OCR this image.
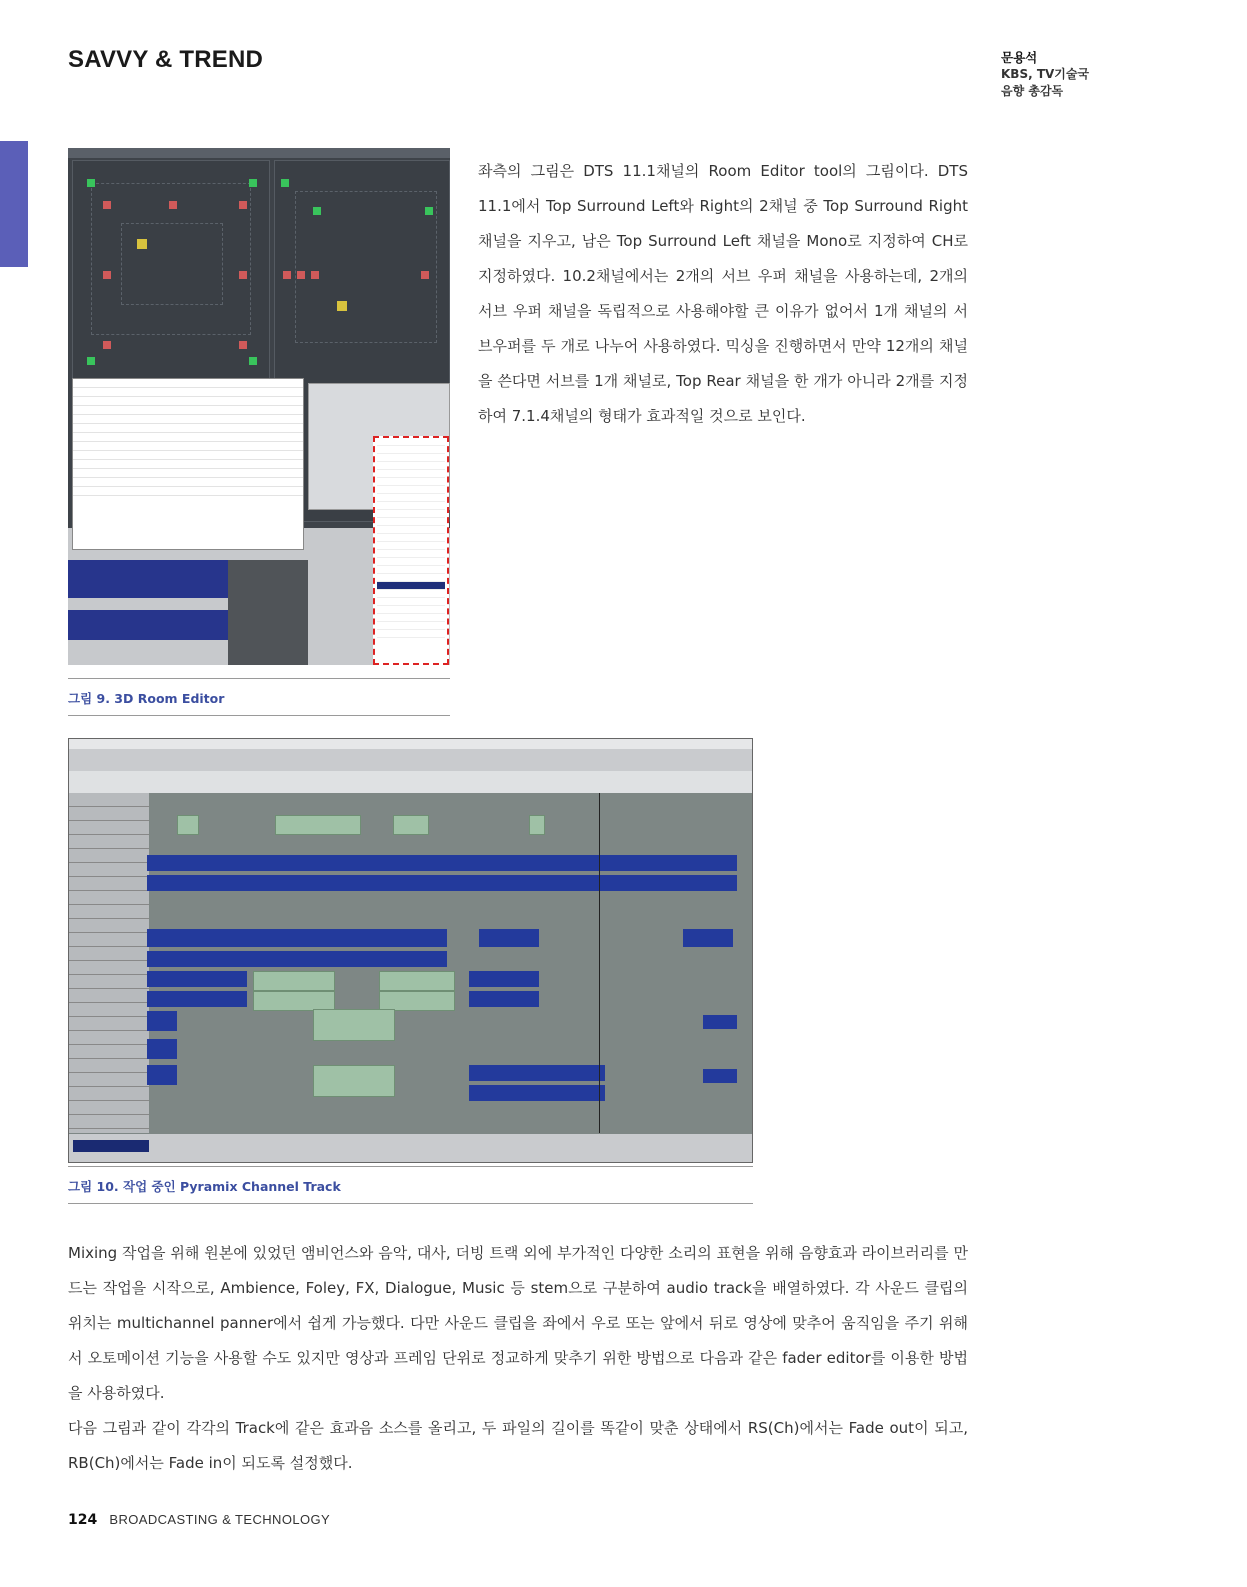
SAVVY & TREND	문용석
KBS, TV기술국
음향 총감독
그림 9. 3D Room Editor
좌측의 그림은 DTS 11.1채널의 Room Editor tool의 그림이다. DTS 11.1에서 Top Surround Left와 Right의 2채널 중 Top Surround Right 채널을 지우고, 남은 Top Surround Left 채널을 Mono로 지정하여 CH로 지정하였다. 10.2채널에서는 2개의 서브 우퍼 채널을 사용하는데, 2개의 서브 우퍼 채널을 독립적으로 사용해야할 큰 이유가 없어서 1개 채널의 서브우퍼를 두 개로 나누어 사용하였다. 믹싱을 진행하면서 만약 12개의 채널을 쓴다면 서브를 1개 채널로, Top Rear 채널을 한 개가 아니라 2개를 지정하여 7.1.4채널의 형태가 효과적일 것으로 보인다.
그림 10. 작업 중인 Pyramix Channel Track

Mixing 작업을 위해 원본에 있었던 앰비언스와 음악, 대사, 더빙 트랙 외에 부가적인 다양한 소리의 표현을 위해 음향효과 라이브러리를 만드는 작업을 시작으로, Ambience, Foley, FX, Dialogue, Music 등 stem으로 구분하여 audio track을 배열하였다. 각 사운드 클립의 위치는 multichannel panner에서 쉽게 가능했다. 다만 사운드 클립을 좌에서 우로 또는 앞에서 뒤로 영상에 맞추어 움직임을 주기 위해서 오토메이션 기능을 사용할 수도 있지만 영상과 프레임 단위로 정교하게 맞추기 위한 방법으로 다음과 같은 fader editor를 이용한 방법을 사용하였다.

다음 그림과 같이 각각의 Track에 같은 효과음 소스를 올리고, 두 파일의 길이를 똑같이 맞춘 상태에서 RS(Ch)에서는 Fade out이 되고, RB(Ch)에서는 Fade in이 되도록 설정했다.

124 BROADCASTING & TECHNOLOGY
